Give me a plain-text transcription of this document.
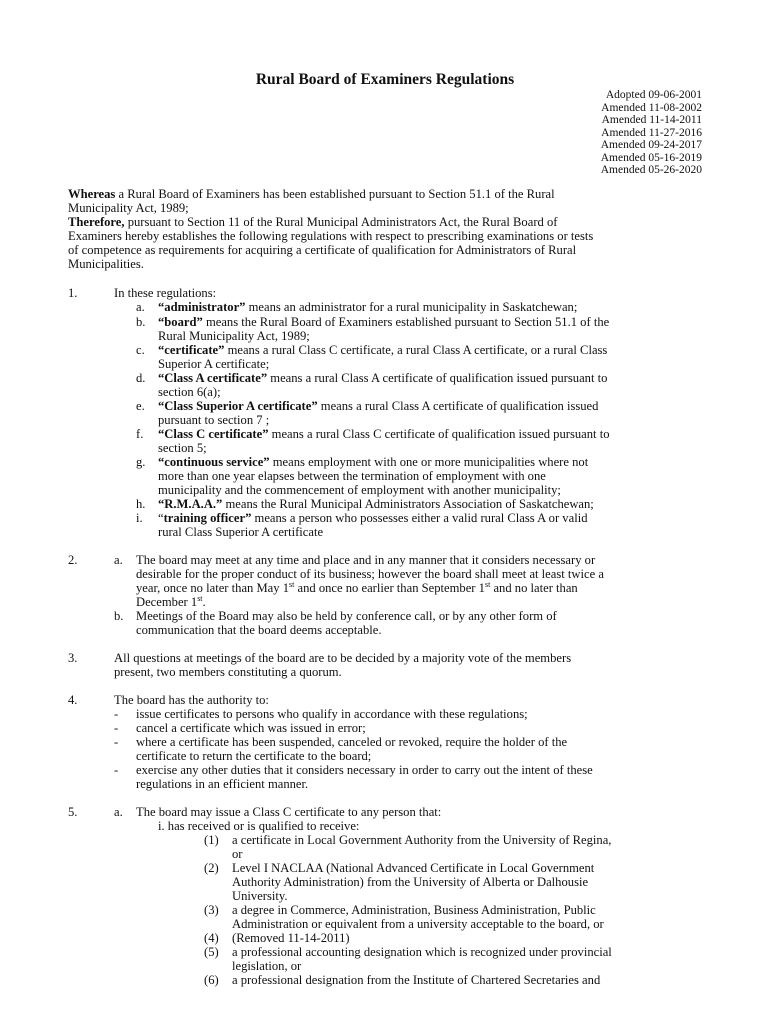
Rural Board of Examiners Regulations
Adopted 09-06-2001
Amended 11-08-2002
Amended 11-14-2011
Amended 11-27-2016
Amended 09-24-2017
Amended 05-16-2019
Amended 05-26-2020
Whereas a Rural Board of Examiners has been established pursuant to Section 51.1 of the Rural
Municipality Act, 1989;
Therefore, pursuant to Section 11 of the Rural Municipal Administrators Act, the Rural Board of
Examiners hereby establishes the following regulations with respect to prescribing examinations or tests
of competence as requirements for acquiring a certificate of qualification for Administrators of Rural
Municipalities.
1.	In these regulations:
a. “administrator” means an administrator for a rural municipality in Saskatchewan;
b. “board” means the Rural Board of Examiners established pursuant to Section 51.1 of the
Rural Municipality Act, 1989;
c. “certificate” means a rural Class C certificate, a rural Class A certificate, or a rural Class
Superior A certificate;
d. “Class A certificate” means a rural Class A certificate of qualification issued pursuant to
section 6(a);
e. “Class Superior A certificate” means a rural Class A certificate of qualification issued
pursuant to section 7 ;
f. “Class C certificate” means a rural Class C certificate of qualification issued pursuant to
section 5;
g. “continuous service” means employment with one or more municipalities where not
more than one year elapses between the termination of employment with one
municipality and the commencement of employment with another municipality;
h. “R.M.A.A.” means the Rural Municipal Administrators Association of Saskatchewan;
i. “training officer” means a person who possesses either a valid rural Class A or valid
rural Class Superior A certificate
2.	a. The board may meet at any time and place and in any manner that it considers necessary or
desirable for the proper conduct of its business; however the board shall meet at least twice a
year, once no later than May 1st and once no earlier than September 1st and no later than
December 1st.
b. Meetings of the Board may also be held by conference call, or by any other form of
communication that the board deems acceptable.
3.	All questions at meetings of the board are to be decided by a majority vote of the members
present, two members constituting a quorum.
4.	The board has the authority to:
- issue certificates to persons who qualify in accordance with these regulations;
- cancel a certificate which was issued in error;
- where a certificate has been suspended, canceled or revoked, require the holder of the
certificate to return the certificate to the board;
- exercise any other duties that it considers necessary in order to carry out the intent of these
regulations in an efficient manner.
5.	a. The board may issue a Class C certificate to any person that:
i. has received or is qualified to receive:
(1) a certificate in Local Government Authority from the University of Regina,
or
(2) Level I NACLAA (National Advanced Certificate in Local Government
Authority Administration) from the University of Alberta or Dalhousie
University.
(3) a degree in Commerce, Administration, Business Administration, Public
Administration or equivalent from a university acceptable to the board, or
(4) (Removed 11-14-2011)
(5) a professional accounting designation which is recognized under provincial
legislation, or
(6) a professional designation from the Institute of Chartered Secretaries and
